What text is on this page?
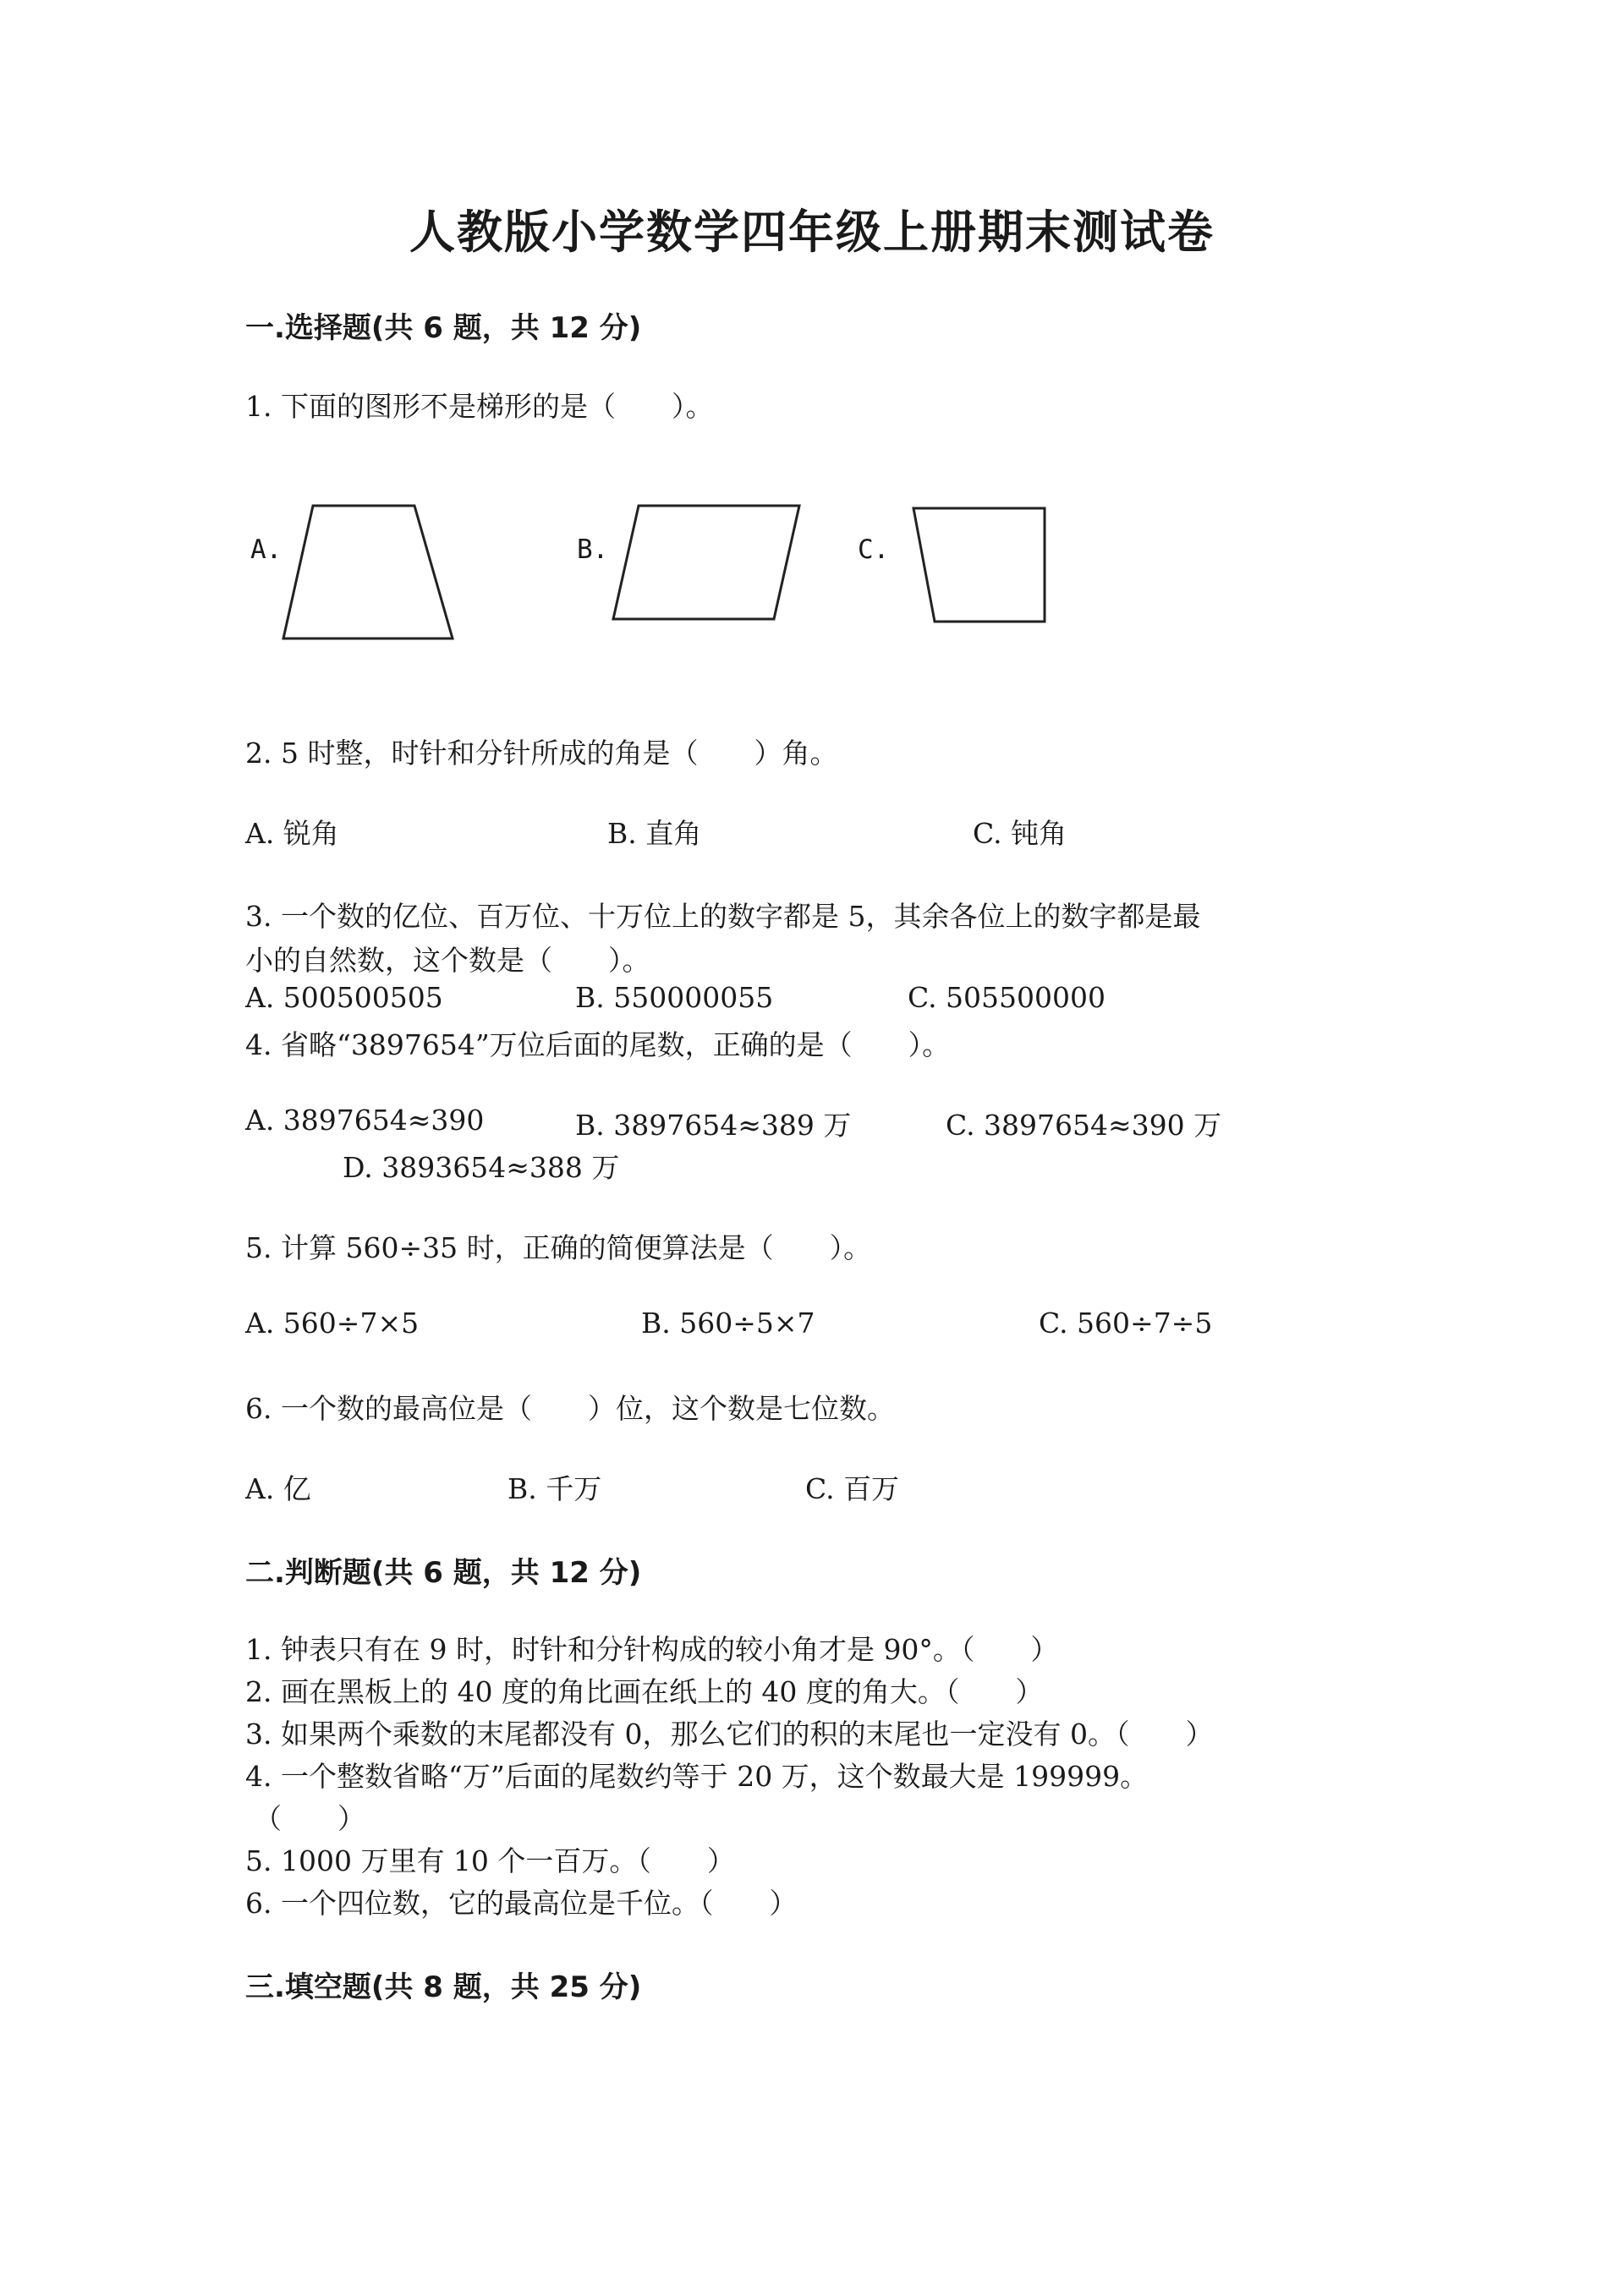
人教版小学数学四年级上册期末测试卷
一.选择题(共 6 题，共 12 分)
1. 下面的图形不是梯形的是（　　）。
A.	B.	C.
2. 5 时整，时针和分针所成的角是（　　）角。
A. 锐角	B. 直角	C. 钝角
3. 一个数的亿位、百万位、十万位上的数字都是 5，其余各位上的数字都是最
小的自然数，这个数是（　　）。
A. 500500505	B. 550000055	C. 505500000
4. 省略“3897654”万位后面的尾数，正确的是（　　）。
A. 3897654≈390	B. 3897654≈389 万	C. 3897654≈390 万
D. 3893654≈388 万
5. 计算 560÷35 时，正确的简便算法是（　　）。
A. 560÷7×5	B. 560÷5×7	C. 560÷7÷5
6. 一个数的最高位是（　　）位，这个数是七位数。
A. 亿	B. 千万	C. 百万
二.判断题(共 6 题，共 12 分)
1. 钟表只有在 9 时，时针和分针构成的较小角才是 90°。（　　）
2. 画在黑板上的 40 度的角比画在纸上的 40 度的角大。（　　）
3. 如果两个乘数的末尾都没有 0，那么它们的积的末尾也一定没有 0。（　　）
4. 一个整数省略“万”后面的尾数约等于 20 万，这个数最大是 199999。
（　　）
5. 1000 万里有 10 个一百万。（　　）
6. 一个四位数，它的最高位是千位。（　　）
三.填空题(共 8 题，共 25 分)
